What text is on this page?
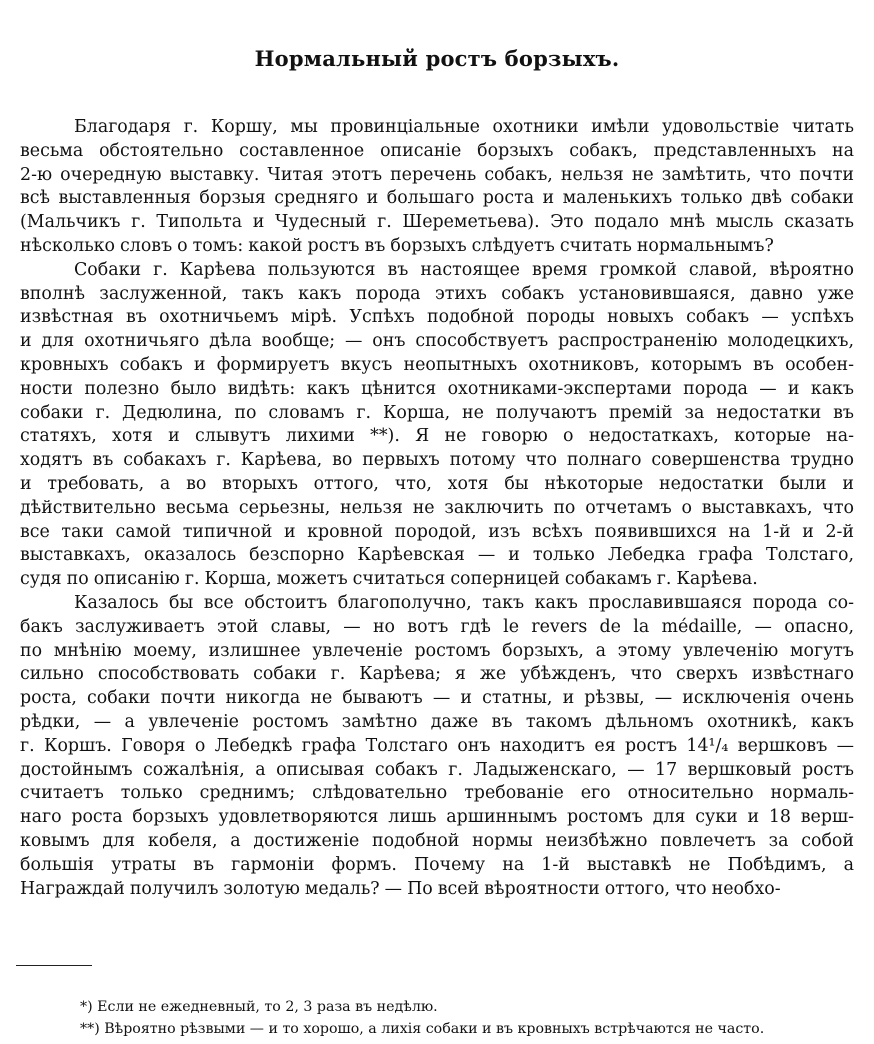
Нормальный ростъ борзыхъ.
Благодаря г. Коршу, мы провинціальные охотники имѣли удовольствіе читать
весьма обстоятельно составленное описаніе борзыхъ собакъ, представленныхъ на
2-ю очередную выставку. Читая этотъ перечень собакъ, нельзя не замѣтить, что почти
всѣ выставленныя борзыя средняго и большаго роста и маленькихъ только двѣ собаки
(Мальчикъ г. Типольта и Чудесный г. Шереметьева). Это подало мнѣ мысль сказать
нѣсколько словъ о томъ: какой ростъ въ борзыхъ слѣдуетъ считать нормальнымъ?
Собаки г. Карѣева пользуются въ настоящее время громкой славой, вѣроятно
вполнѣ заслуженной, такъ какъ порода этихъ собакъ установившаяся, давно уже
извѣстная въ охотничьемъ мірѣ. Успѣхъ подобной породы новыхъ собакъ — успѣхъ
и для охотничьяго дѣла вообще; — онъ способствуетъ распространенію молодецкихъ,
кровныхъ собакъ и формируетъ вкусъ неопытныхъ охотниковъ, которымъ въ особен-
ности полезно было видѣть: какъ цѣнится охотниками-экспертами порода — и какъ
собаки г. Дедюлина, по словамъ г. Корша, не получаютъ премій за недостатки въ
статяхъ, хотя и слывутъ лихими **). Я не говорю о недостаткахъ, которые на-
ходятъ въ собакахъ г. Карѣева, во первыхъ потому что полнаго совершенства трудно
и требовать, а во вторыхъ оттого, что, хотя бы нѣкоторые недостатки были и
дѣйствительно весьма серьезны, нельзя не заключить по отчетамъ о выставкахъ, что
все таки самой типичной и кровной породой, изъ всѣхъ появившихся на 1-й и 2-й
выставкахъ, оказалось безспорно Карѣевская — и только Лебедка графа Толстаго,
судя по описанію г. Корша, можетъ считаться соперницей собакамъ г. Карѣева.
Казалось бы все обстоитъ благополучно, такъ какъ прославившаяся порода со-
бакъ заслуживаетъ этой славы, — но вотъ гдѣ le revers de la médaille, — опасно,
по мнѣнію моему, излишнее увлеченіе ростомъ борзыхъ, а этому увлеченію могутъ
сильно способствовать собаки г. Карѣева; я же убѣжденъ, что сверхъ извѣстнаго
роста, собаки почти никогда не бываютъ — и статны, и рѣзвы, — исключенія очень
рѣдки, — а увлеченіе ростомъ замѣтно даже въ такомъ дѣльномъ охотникѣ, какъ
г. Коршъ. Говоря о Лебедкѣ графа Толстаго онъ находитъ ея ростъ 14¹/₄ вершковъ —
достойнымъ сожалѣнія, а описывая собакъ г. Ладыженскаго, — 17 вершковый ростъ
считаетъ только среднимъ; слѣдовательно требованіе его относительно нормаль-
наго роста борзыхъ удовлетворяются лишь аршиннымъ ростомъ для суки и 18 верш-
ковымъ для кобеля, а достиженіе подобной нормы неизбѣжно повлечетъ за собой
большія утраты въ гармоніи формъ. Почему на 1-й выставкѣ не Побѣдимъ, а
Награждай получилъ золотую медаль? — По всей вѣроятности оттого, что необхо-
*) Если не ежедневный, то 2, 3 раза въ недѣлю.
**) Вѣроятно рѣзвыми — и то хорошо, а лихія собаки и въ кровныхъ встрѣчаются не часто.
